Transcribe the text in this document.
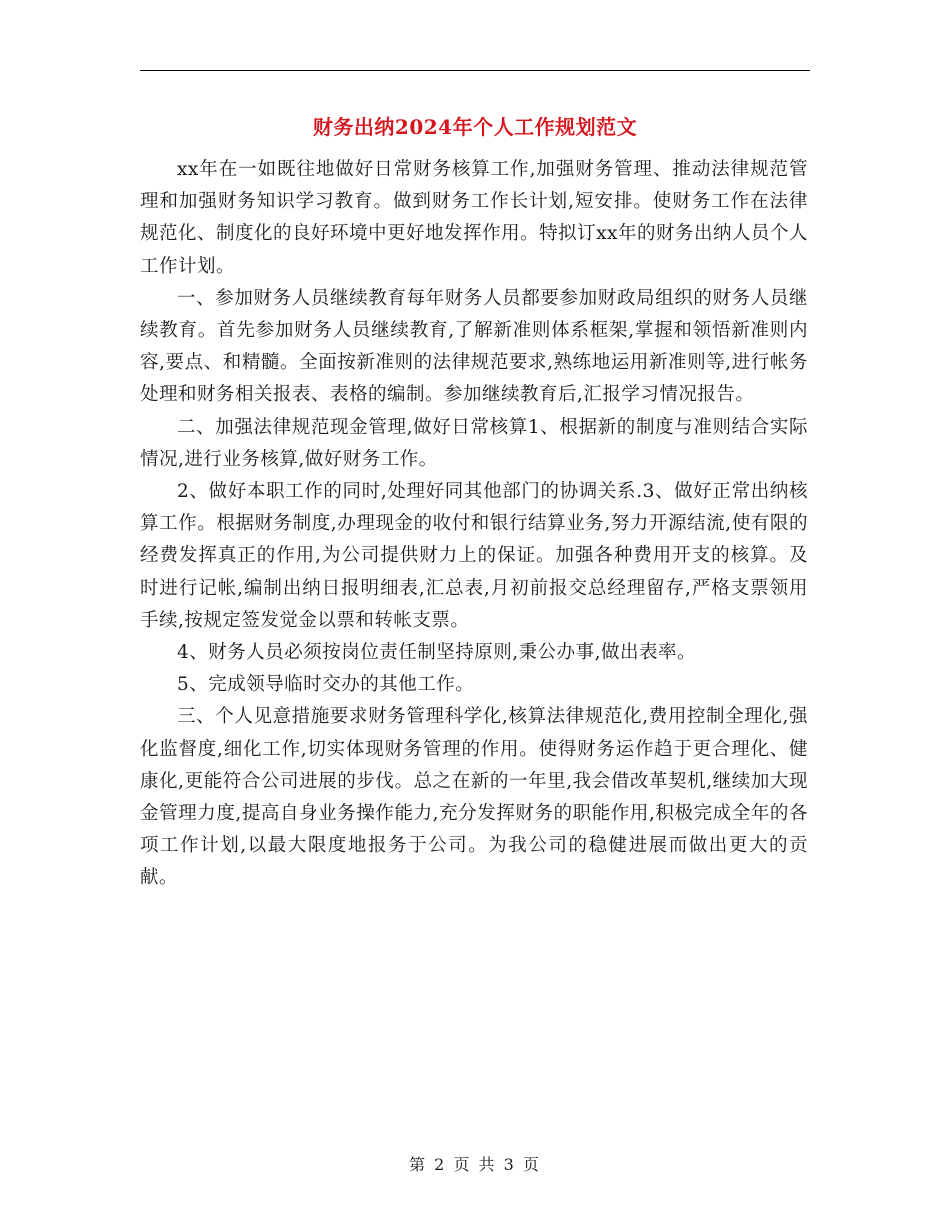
财务出纳2024年个人工作规划范文

xx年在一如既往地做好日常财务核算工作,加强财务管理、推动法律规范管理和加强财务知识学习教育。做到财务工作长计划,短安排。使财务工作在法律规范化、制度化的良好环境中更好地发挥作用。特拟订xx年的财务出纳人员个人工作计划。

一、参加财务人员继续教育每年财务人员都要参加财政局组织的财务人员继续教育。首先参加财务人员继续教育,了解新准则体系框架,掌握和领悟新准则内容,要点、和精髓。全面按新准则的法律规范要求,熟练地运用新准则等,进行帐务处理和财务相关报表、表格的编制。参加继续教育后,汇报学习情况报告。

二、加强法律规范现金管理,做好日常核算1、根据新的制度与准则结合实际情况,进行业务核算,做好财务工作。

2、做好本职工作的同时,处理好同其他部门的协调关系.3、做好正常出纳核算工作。根据财务制度,办理现金的收付和银行结算业务,努力开源结流,使有限的经费发挥真正的作用,为公司提供财力上的保证。加强各种费用开支的核算。及时进行记帐,编制出纳日报明细表,汇总表,月初前报交总经理留存,严格支票领用手续,按规定签发觉金以票和转帐支票。

4、财务人员必须按岗位责任制坚持原则,秉公办事,做出表率。

5、完成领导临时交办的其他工作。

三、个人见意措施要求财务管理科学化,核算法律规范化,费用控制全理化,强化监督度,细化工作,切实体现财务管理的作用。使得财务运作趋于更合理化、健康化,更能符合公司进展的步伐。总之在新的一年里,我会借改革契机,继续加大现金管理力度,提高自身业务操作能力,充分发挥财务的职能作用,积极完成全年的各项工作计划,以最大限度地报务于公司。为我公司的稳健进展而做出更大的贡献。

第 2 页 共 3 页
